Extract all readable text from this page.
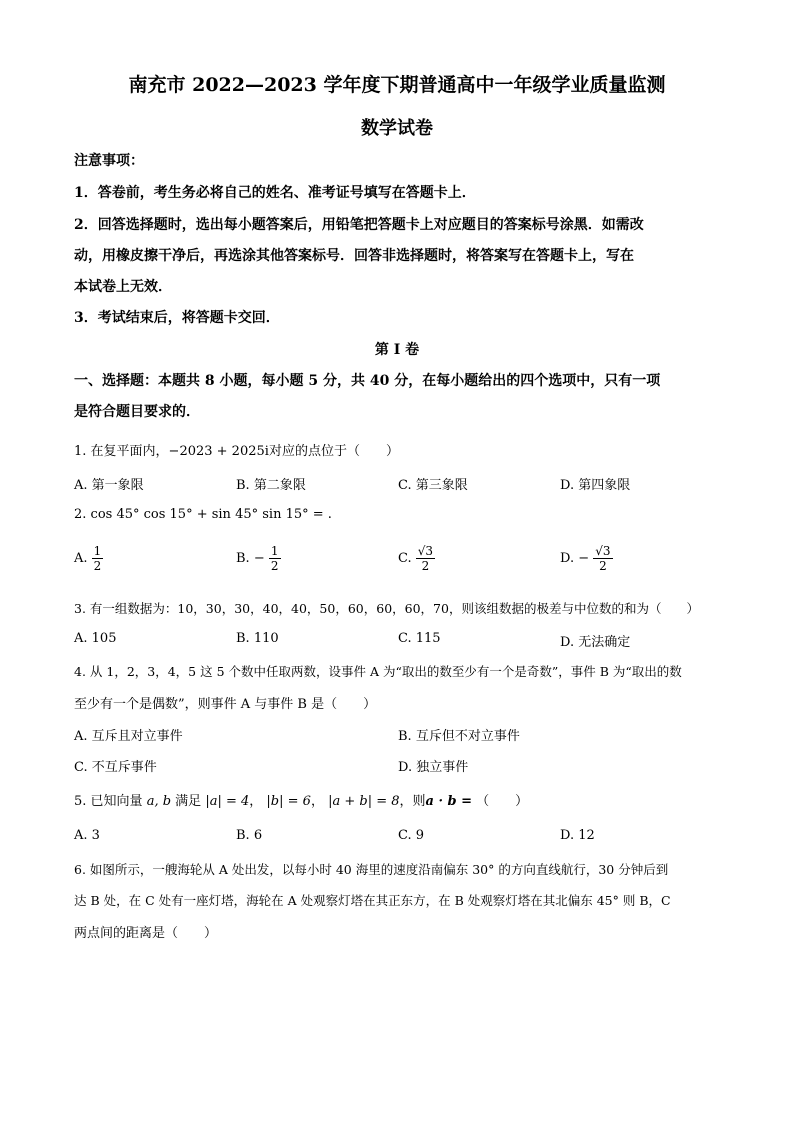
南充市 2022—2023 学年度下期普通高中一年级学业质量监测
数学试卷
注意事项：
1．答卷前，考生务必将自己的姓名、准考证号填写在答题卡上．
2．回答选择题时，选出每小题答案后，用铅笔把答题卡上对应题目的答案标号涂黑．如需改
动，用橡皮擦干净后，再选涂其他答案标号．回答非选择题时，将答案写在答题卡上，写在
本试卷上无效．
3．考试结束后，将答题卡交回．
第 I 卷
一、选择题：本题共 8 小题，每小题 5 分，共 40 分，在每小题给出的四个选项中，只有一项
是符合题目要求的．
1. 在复平面内，−2023 + 2025i对应的点位于（　　）
A. 第一象限	B. 第二象限	C. 第三象限	D. 第四象限
2. cos 45° cos 15° + sin 45° sin 15° = .
A. $\frac{1}{2}$	B. − $\frac{1}{2}$	C. $\frac{√3}{2}$	D. − $\frac{√3}{2}$
3. 有一组数据为：10，30，30，40，40，50，60，60，60，70，则该组数据的极差与中位数的和为（　　）
A. 105	B. 110	C. 115	D. 无法确定
4. 从 1，2，3，4，5 这 5 个数中任取两数，设事件 A 为“取出的数至少有一个是奇数”，事件 B 为“取出的数
至少有一个是偶数”，则事件 A 与事件 B 是（　　）
A. 互斥且对立事件	B. 互斥但不对立事件
C. 不互斥事件	D. 独立事件
5. 已知向量 a, b 满足 |a| = 4， |b| = 6， |a + b| = 8，则a · b = （　　）
A. 3	B. 6	C. 9	D. 12
6. 如图所示，一艘海轮从 A 处出发，以每小时 40 海里的速度沿南偏东 30° 的方向直线航行，30 分钟后到
达 B 处，在 C 处有一座灯塔，海轮在 A 处观察灯塔在其正东方，在 B 处观察灯塔在其北偏东 45° 则 B，C
两点间的距离是（　　）
